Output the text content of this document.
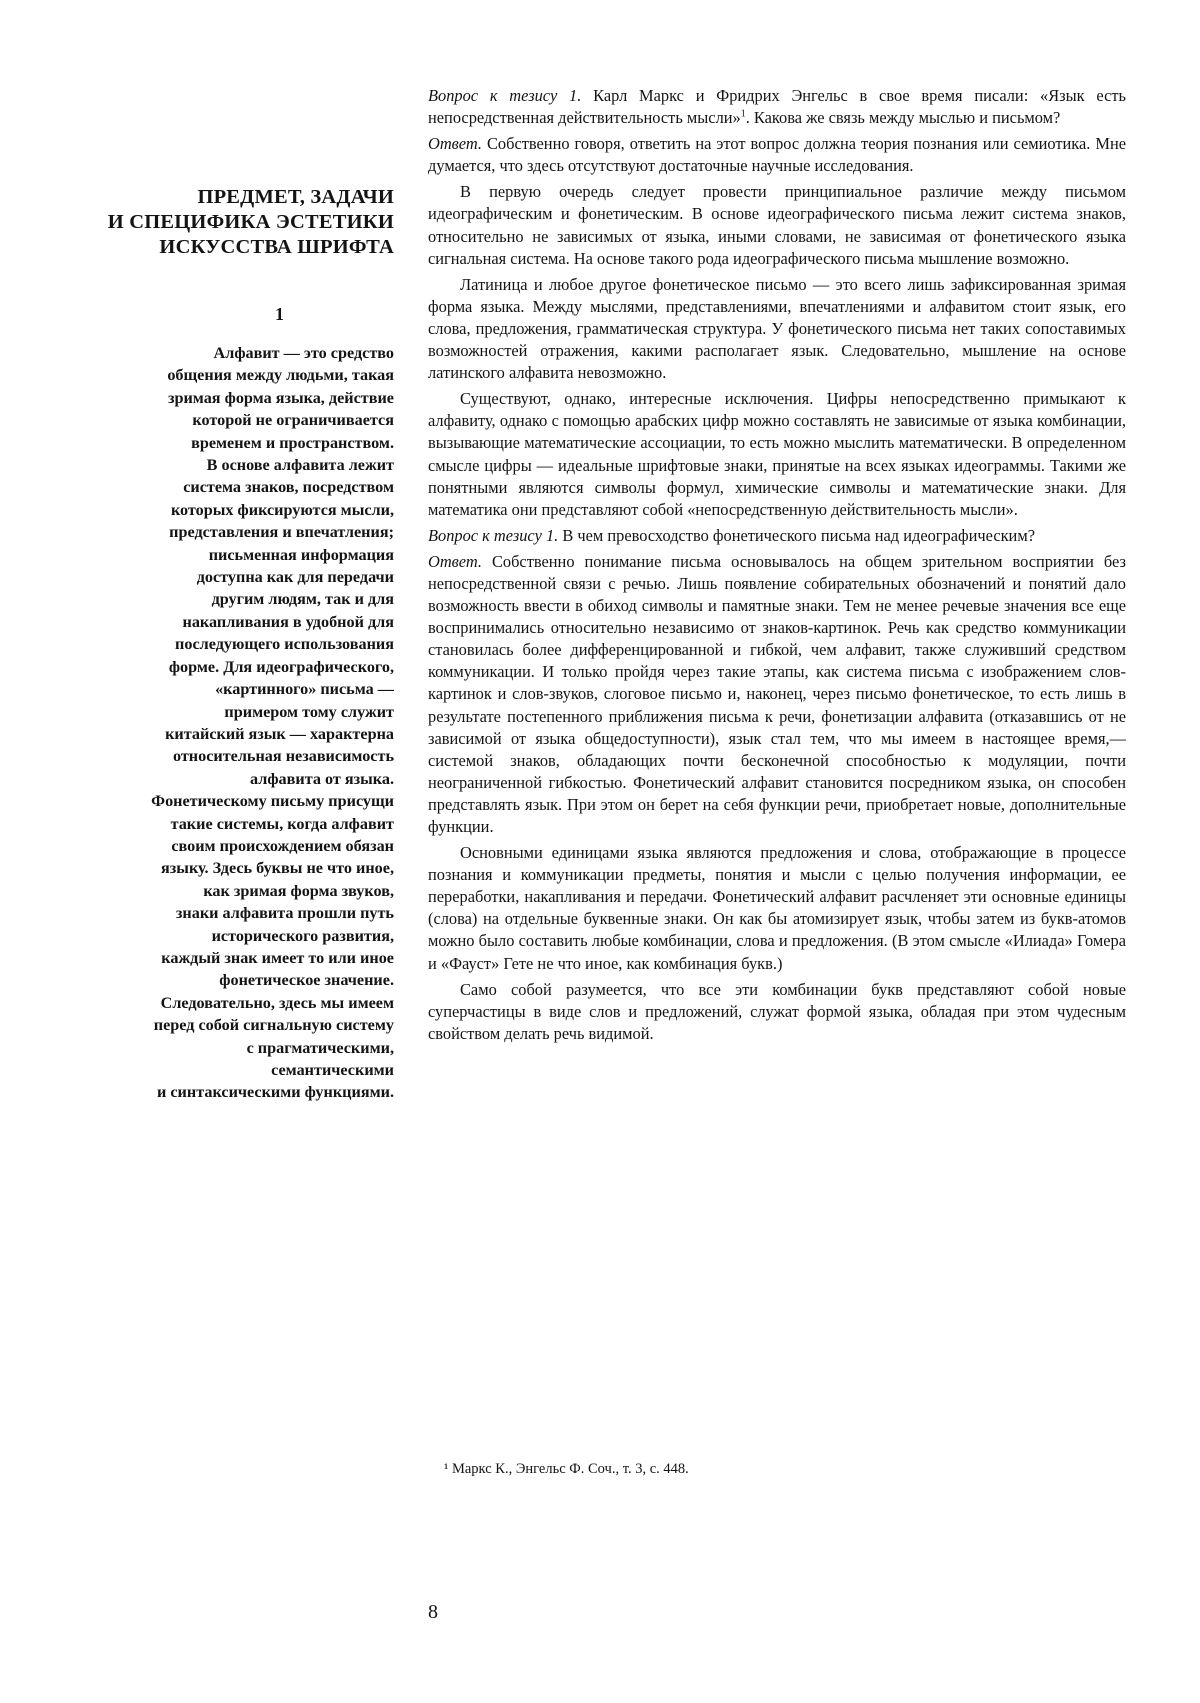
ПРЕДМЕТ, ЗАДАЧИ
И СПЕЦИФИКА ЭСТЕТИКИ
ИСКУССТВА ШРИФТА
1
Алфавит — это средство
общения между людьми, такая
зримая форма языка, действие
которой не ограничивается
временем и пространством.
В основе алфавита лежит
система знаков, посредством
которых фиксируются мысли,
представления и впечатления;
письменная информация
доступна как для передачи
другим людям, так и для
накапливания в удобной для
последующего использования
форме. Для идеографического,
«картинного» письма —
примером тому служит
китайский язык — характерна
относительная независимость
алфавита от языка.
Фонетическому письму присущи
такие системы, когда алфавит
своим происхождением обязан
языку. Здесь буквы не что иное,
как зримая форма звуков,
знаки алфавита прошли путь
исторического развития,
каждый знак имеет то или иное
фонетическое значение.
Следовательно, здесь мы имеем
перед собой сигнальную систему
с прагматическими,
семантическими
и синтаксическими функциями.

Вопрос к тезису 1. Карл Маркс и Фридрих Энгельс в свое время писали: «Язык есть непосредственная действительность мысли»$^1$. Какова же связь между мыслью и письмом?

Ответ. Собственно говоря, ответить на этот вопрос должна теория познания или семиотика. Мне думается, что здесь отсутствуют достаточные научные исследования.

В первую очередь следует провести принципиальное различие между письмом идеографическим и фонетическим. В основе идеографического письма лежит система знаков, относительно не зависимых от языка, иными словами, не зависимая от фонетического языка сигнальная система. На основе такого рода идеографического письма мышление возможно.

Латиница и любое другое фонетическое письмо — это всего лишь зафиксированная зримая форма языка. Между мыслями, представлениями, впечатлениями и алфавитом стоит язык, его слова, предложения, грамматическая структура. У фонетического письма нет таких сопоставимых возможностей отражения, какими располагает язык. Следовательно, мышление на основе латинского алфавита невозможно.

Существуют, однако, интересные исключения. Цифры непосредственно примыкают к алфавиту, однако с помощью арабских цифр можно составлять не зависимые от языка комбинации, вызывающие математические ассоциации, то есть можно мыслить математически. В определенном смысле цифры — идеальные шрифтовые знаки, принятые на всех языках идеограммы. Такими же понятными являются символы формул, химические символы и математические знаки. Для математика они представляют собой «непосредственную действительность мысли».

Вопрос к тезису 1. В чем превосходство фонетического письма над идеографическим?

Ответ. Собственно понимание письма основывалось на общем зрительном восприятии без непосредственной связи с речью. Лишь появление собирательных обозначений и понятий дало возможность ввести в обиход символы и памятные знаки. Тем не менее речевые значения все еще воспринимались относительно независимо от знаков-картинок. Речь как средство коммуникации становилась более дифференцированной и гибкой, чем алфавит, также служивший средством коммуникации. И только пройдя через такие этапы, как система письма с изображением слов-картинок и слов-звуков, слоговое письмо и, наконец, через письмо фонетическое, то есть лишь в результате постепенного приближения письма к речи, фонетизации алфавита (отказавшись от не зависимой от языка общедоступности), язык стал тем, что мы имеем в настоящее время,— системой знаков, обладающих почти бесконечной способностью к модуляции, почти неограниченной гибкостью. Фонетический алфавит становится посредником языка, он способен представлять язык. При этом он берет на себя функции речи, приобретает новые, дополнительные функции.

Основными единицами языка являются предложения и слова, отображающие в процессе познания и коммуникации предметы, понятия и мысли с целью получения информации, ее переработки, накапливания и передачи. Фонетический алфавит расчленяет эти основные единицы (слова) на отдельные буквенные знаки. Он как бы атомизирует язык, чтобы затем из букв-атомов можно было составить любые комбинации, слова и предложения. (В этом смысле «Илиада» Гомера и «Фауст» Гете не что иное, как комбинация букв.)

Само собой разумеется, что все эти комбинации букв представляют собой новые суперчастицы в виде слов и предложений, служат формой языка, обладая при этом чудесным свойством делать речь видимой.

¹ Маркс К., Энгельс Ф. Соч., т. 3, с. 448.
8
